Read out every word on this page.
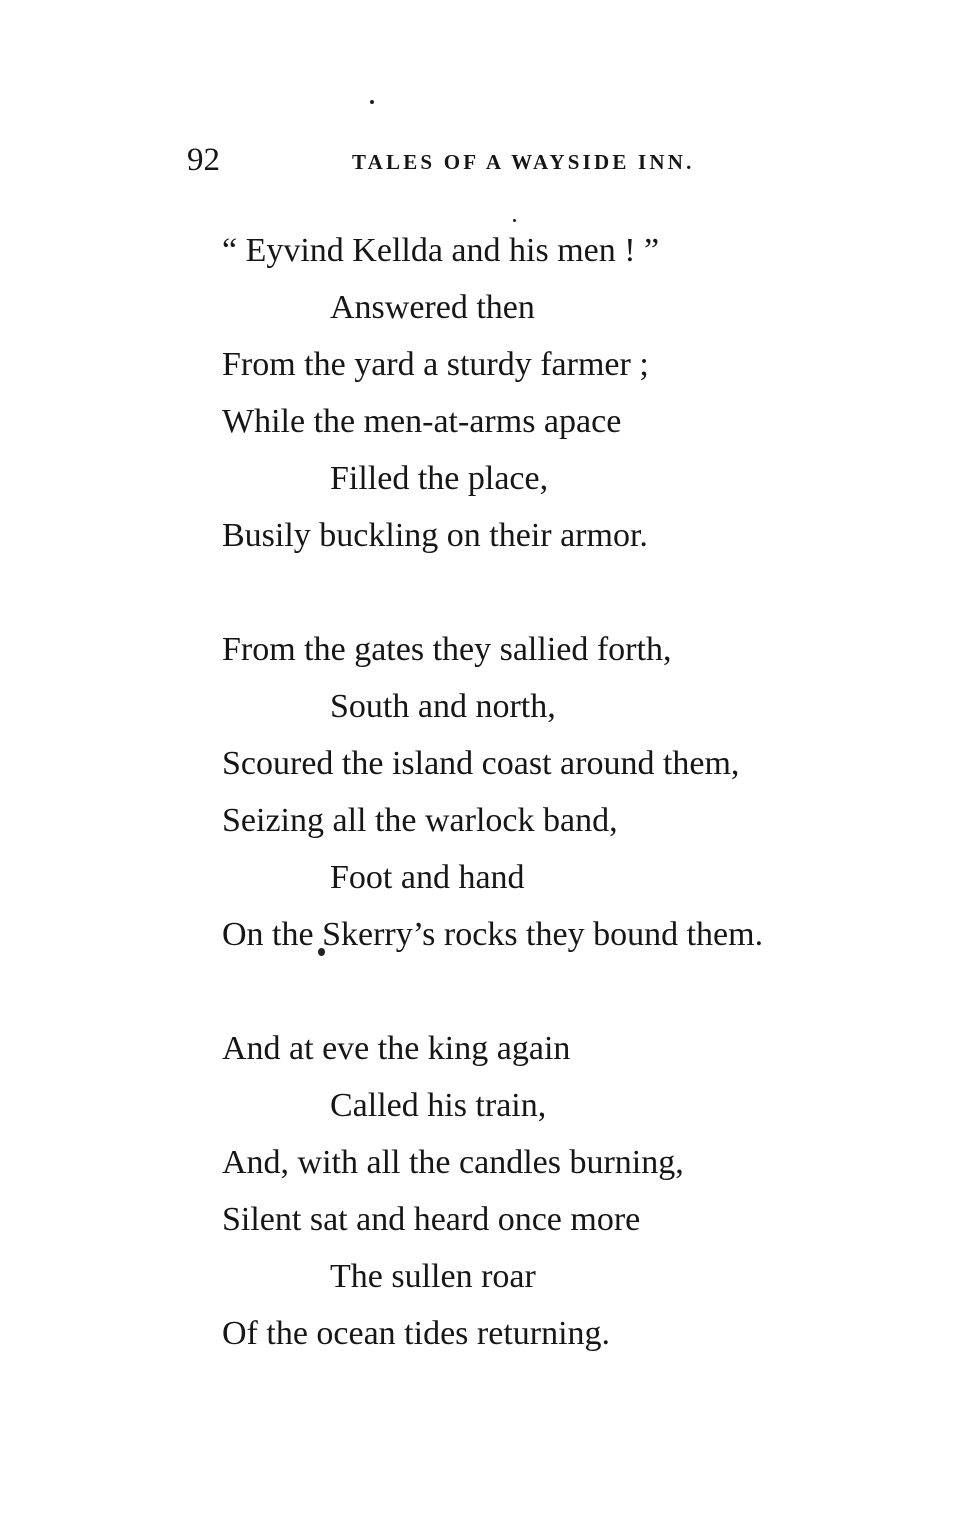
92	TALES OF A WAYSIDE INN.
“ Eyvind Kellda and his men ! ”
Answered then
From the yard a sturdy farmer ;
While the men-at-arms apace
Filled the place,
Busily buckling on their armor.
From the gates they sallied forth,
South and north,
Scoured the island coast around them,
Seizing all the warlock band,
Foot and hand
On the Skerry’s rocks they bound them.
And at eve the king again
Called his train,
And, with all the candles burning,
Silent sat and heard once more
The sullen roar
Of the ocean tides returning.
